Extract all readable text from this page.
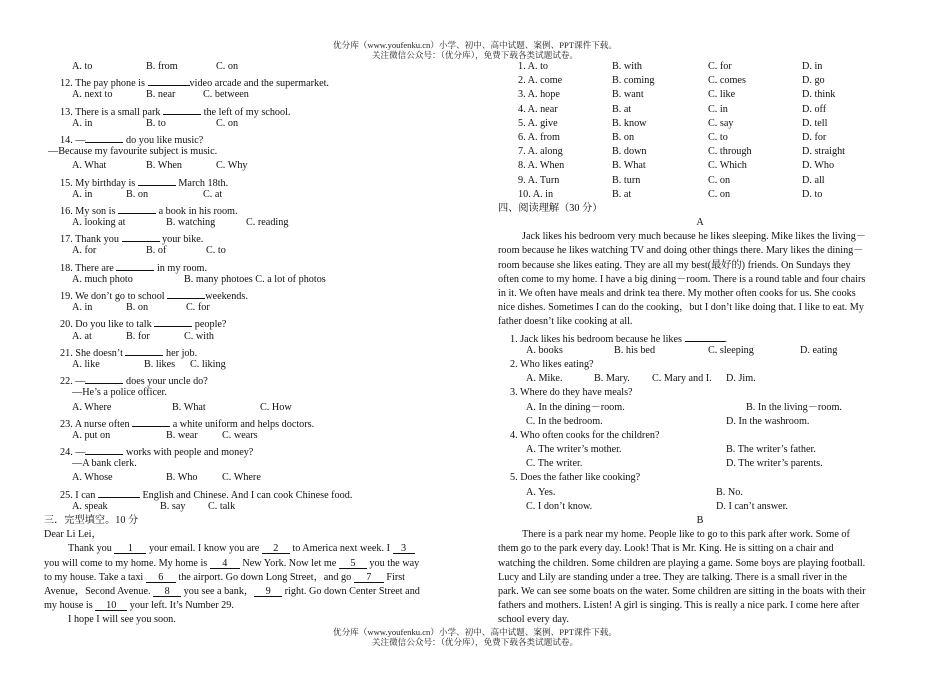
优分库（www.youfenku.cn）小学、初中、高中试题、案例、PPT课件下载。
关注微信公众号：（优分库），免费下载各类试题试卷。
A. to	B. from	C. on
12. The pay phone is	video arcade and the supermarket.
A. next to	B. near	C. between
13. There is a small park	the left of my school.
A. in	B. to	C. on
14. —	do you like music?
—Because my favourite subject is music.
A. What	B. When	C. Why
15. My birthday is	March 18th.
A. in	B. on	C. at
16. My son is	a book in his room.
A. looking at	B. watching	C. reading
17. Thank you	your bike.
A. for	B. of	C. to
18. There are	in my room.
A. much photo	B. many photoes C. a lot of photos
19. We don’t go to school	weekends.
A. in	B. on	C. for
20. Do you like to talk	people?
A. at	B. for	C. with
21. She doesn’t	her job.
A. like	B. likes C. liking
22. —	does your uncle do?
—He’s a police officer.
A. Where	B. What	C. How
23. A nurse often	a white uniform and helps doctors.
A. put on	B. wear C. wears
24. —	works with people and money?
—A bank clerk.
A. Whose	B. Who C. Where
25. I can	English and Chinese. And I can cook Chinese food.
A. speak	B. say C. talk
三．完型填空。10 分
Dear Li Lei，
Thank you 1 your email. I know you are 2 to America next week. I 3
you will come to my home. My home is 4 New York. Now let me 5 you the way
to my house. Take a taxi 6 the airport. Go down Long Street，and go 7 First
Avenue，Second Avenue. 8 you see a bank， 9 right. Go down Center Street and
my house is 10 your left. It’s Number 29.
I hope I will see you soon.
1. A. to	B. with	C. for	D. in
2. A. come	B. coming	C. comes	D. go
3. A. hope	B. want	C. like	D. think
4. A. near	B. at	C. in	D. off
5. A. give	B. know	C. say	D. tell
6. A. from	B. on	C. to	D. for
7. A. along	B. down	C. through	D. straight
8. A. When	B. What	C. Which	D. Who
9. A. Turn	B. turn	C. on	D. all
10. A. in	B. at	C. on	D. to
四、阅读理解（30 分）
A
Jack likes his bedroom very much because he likes sleeping. Mike likes the living－
room because he likes watching TV and doing other things there. Mary likes the dining－
room because she likes eating. They are all my best(最好的) friends. On Sundays they
often come to my home. I have a big dining－room. There is a round table and four chairs
in it. We often have meals and drink tea there. My mother often cooks for us. She cooks
nice dishes. Sometimes I can do the cooking，but I don’t like doing that. I like to eat. My
father doesn’t like cooking at all.
1. Jack likes his bedroom because he likes	.
A. books	B. his bed	C. sleeping	D. eating
2. Who likes eating?
A. Mike.	B. Mary. C. Mary and I. D. Jim.
3. Where do they have meals?
A. In the dining－room.	B. In the living－room.
C. In the bedroom.	D. In the washroom.
4. Who often cooks for the children?
A. The writer’s mother.	B. The writer’s father.
C. The writer.	D. The writer’s parents.
5. Does the father like cooking?
A. Yes.	B. No.
C. I don’t know.	D. I can’t answer.
B
There is a park near my home. People like to go to this park after work. Some of
them go to the park every day. Look! That is Mr. King. He is sitting on a chair and
watching the children. Some children are playing a game. Some boys are playing football.
Lucy and Lily are standing under a tree. They are talking. There is a small river in the
park. We can see some boats on the water. Some children are sitting in the boats with their
fathers and mothers. Listen! A girl is singing. This is really a nice park. I come here after
school every day.
优分库（www.youfenku.cn）小学、初中、高中试题、案例、PPT课件下载。
关注微信公众号：（优分库），免费下载各类试题试卷。
